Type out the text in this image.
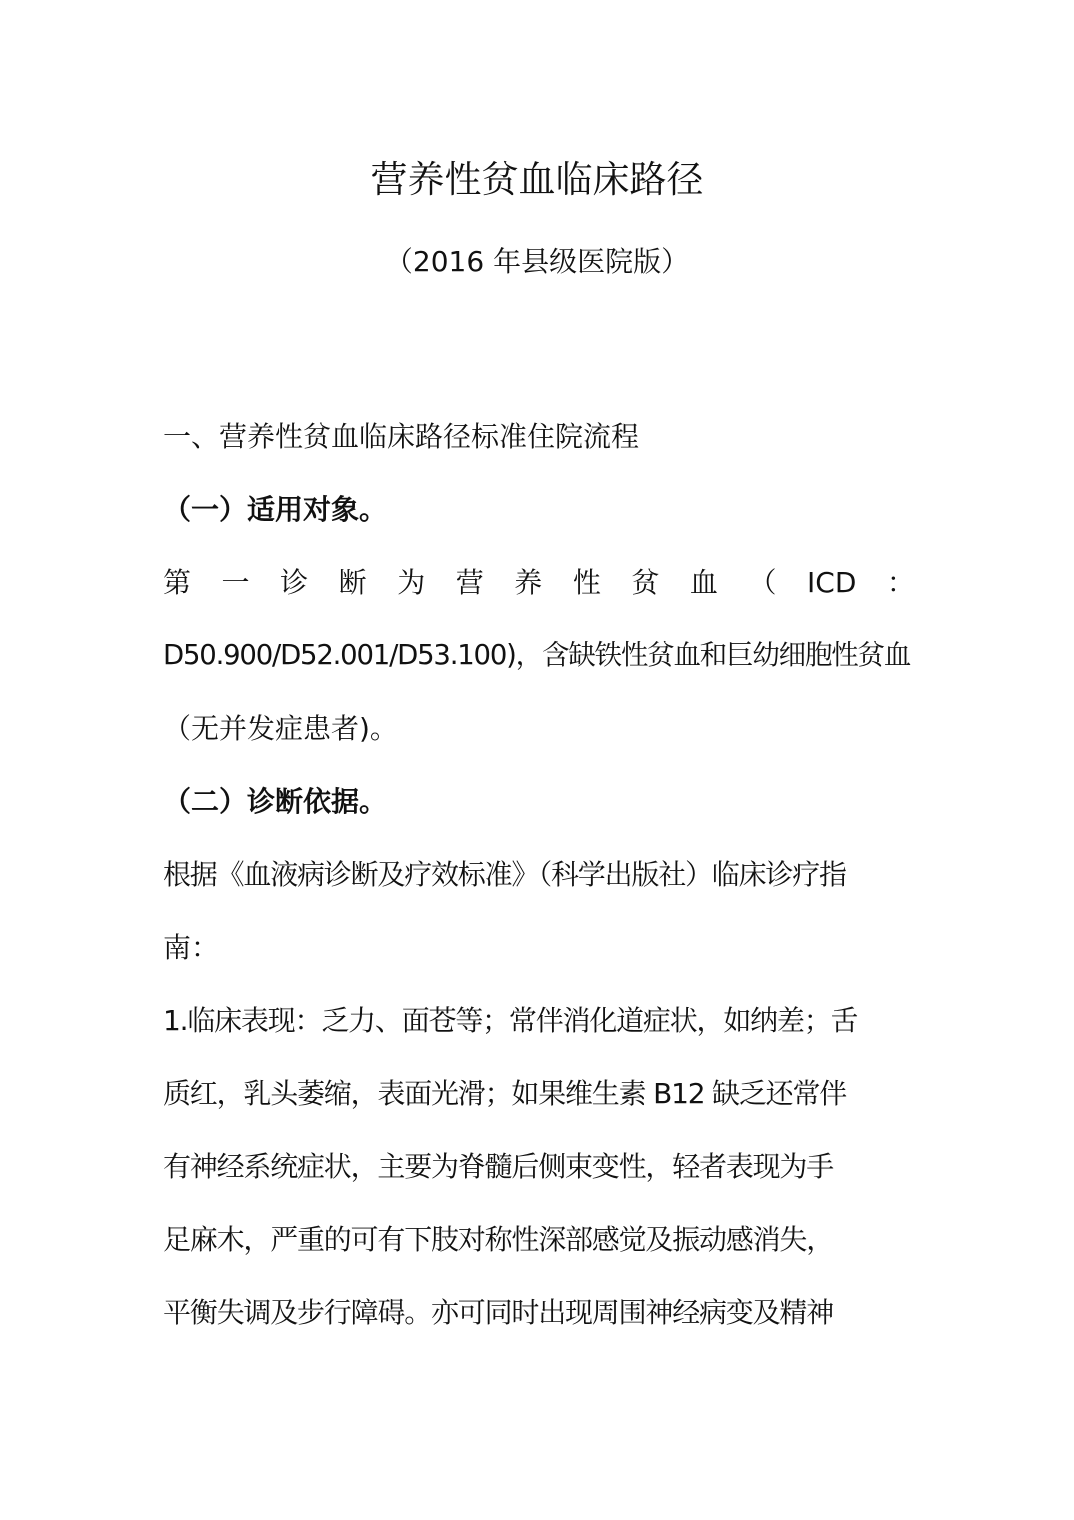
营养性贫血临床路径
（2016 年县级医院版）
一、营养性贫血临床路径标准住院流程
（一）适用对象。
第 一 诊 断 为 营 养 性 贫 血 （ ICD ：
D50.900/D52.001/D53.100)，含缺铁性贫血和巨幼细胞性贫血
（无并发症患者)。
（二）诊断依据。
根据《血液病诊断及疗效标准》（科学出版社）临床诊疗指
南：
1.临床表现：乏力、面苍等；常伴消化道症状，如纳差；舌
质红，乳头萎缩，表面光滑；如果维生素 B12 缺乏还常伴
有神经系统症状，主要为脊髓后侧束变性，轻者表现为手
足麻木，严重的可有下肢对称性深部感觉及振动感消失，
平衡失调及步行障碍。亦可同时出现周围神经病变及精神
